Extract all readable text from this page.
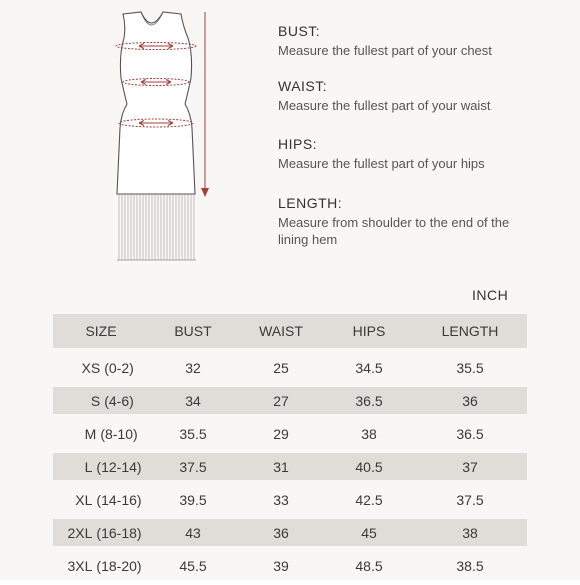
BUST:
Measure the fullest part of your chest
WAIST:
Measure the fullest part of your waist
HIPS:
Measure the fullest part of your hips
LENGTH:
Measure from shoulder to the end of the lining hem
INCH
SIZE	BUST	WAIST	HIPS	LENGTH
XS (0-2)	32	25	34.5	35.5
S (4-6)	34	27	36.5	36
M (8-10)	35.5	29	38	36.5
L (12-14)	37.5	31	40.5	37
XL (14-16)	39.5	33	42.5	37.5
2XL (16-18)	43	36	45	38
3XL (18-20)	45.5	39	48.5	38.5
